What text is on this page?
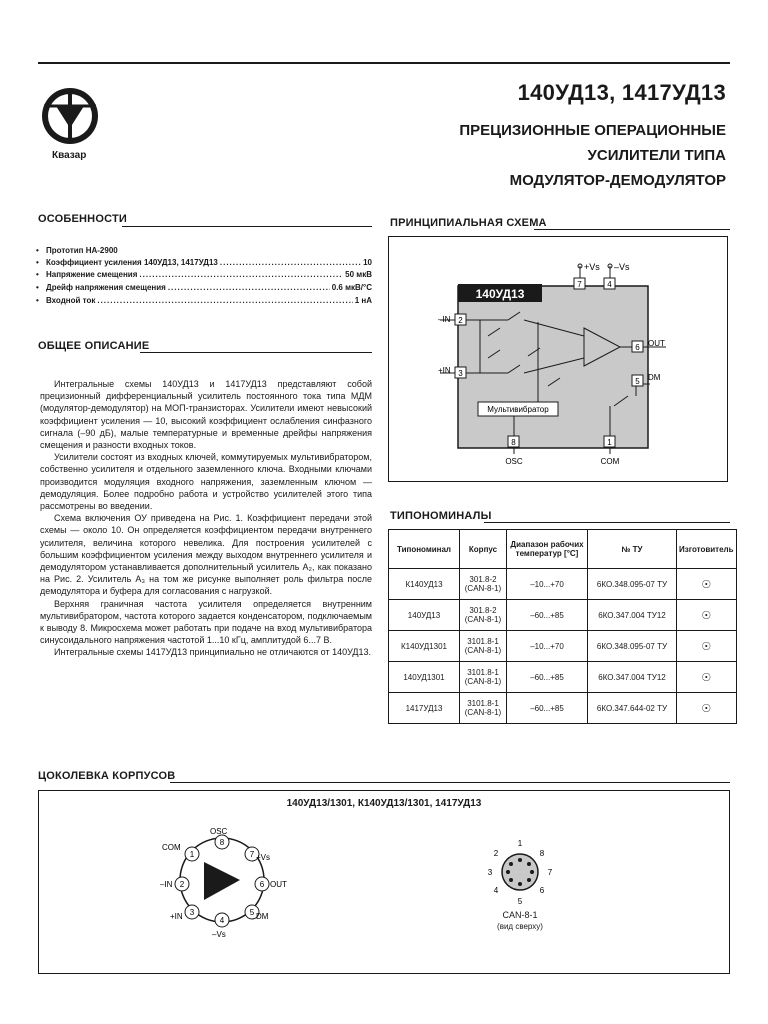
Квазар
140УД13, 1417УД13
ПРЕЦИЗИОННЫЕ ОПЕРАЦИОННЫЕ
УСИЛИТЕЛИ ТИПА
МОДУЛЯТОР-ДЕМОДУЛЯТОР
ОСОБЕННОСТИ
• Прототип НА-2900
• Коэффициент усиления 140УД13, 1417УД13 .....	10
• Напряжение смещения .....	50 мкВ
• Дрейф напряжения смещения .....	0.6 мкВ/°С
• Входной ток .....	1 нА
ОБЩЕЕ ОПИСАНИЕ

Интегральные схемы 140УД13 и 1417УД13 представляют собой прецизионный дифференциальный усилитель постоянного тока типа МДМ (модулятор-демодулятор) на МОП-транзисторах. Усилители имеют невысокий коэффициент усиления — 10, высокий коэффициент ослабления синфазного сигнала (–90 дБ), малые температурные и временные дрейфы напряжения смещения и разности входных токов.

Усилители состоят из входных ключей, коммутируемых мультивибратором, собственно усилителя и отдельного заземленного ключа. Входными ключами производится модуляция входного напряжения, заземленным ключом — демодуляция. Более подробно работа и устройство усилителей этого типа рассмотрены во введении.

Схема включения ОУ приведена на Рис. 1. Коэффициент передачи этой схемы — около 10. Он определяется коэффициентом передачи внутреннего усилителя, величина которого невелика. Для построения усилителей с большим коэффициентом усиления между выходом внутреннего усилителя и демодулятором устанавливается дополнительный усилитель A₂, как показано на Рис. 2. Усилитель A₃ на том же рисунке выполняет роль фильтра после демодулятора и буфера для согласования с нагрузкой.

Верхняя граничная частота усилителя определяется внутренним мультивибратором, частота которого задается конденсатором, подключаемым к выводу 8. Микросхема может работать при подаче на вход мультивибратора синусоидального напряжения частотой 1...10 кГц, амплитудой 6...7 В.

Интегральные схемы 1417УД13 принципиально не отличаются от 140УД13.

ПРИНЦИПИАЛЬНАЯ СХЕМА
140УД13
7	4
+Vs –Vs
2
3
–IN
+IN
6 OUT
5 DM
Мультивибратор
8	1
OSC	COM
ТИПОНОМИНАЛЫ
Типономинал	Корпус	Диапазон рабочих температур [°С]	№ ТУ	Изготовитель
К140УД13	301.8-2
(CAN-8-1)	–10...+70	6КО.348.095-07 ТУ	☉
140УД13	301.8-2
(CAN-8-1)	–60...+85	6КО.347.004 ТУ12	☉
К140УД1301	3101.8-1
(CAN-8-1)	–10...+70	6КО.348.095-07 ТУ	☉
140УД1301	3101.8-1
(CAN-8-1)	–60...+85	6КО.347.004 ТУ12	☉
1417УД13	3101.8-1
(CAN-8-1)	–60...+85	6КО.347.644-02 ТУ	☉
ЦОКОЛЕВКА КОРПУСОВ
140УД13/1301, К140УД13/1301, 1417УД13
1
8
7
2	6
3
4
5
COM
OSC
+Vs
–IN	OUT
+IN	DM
–Vs
1
2
3
4
5
6
7
8
CAN-8-1
(вид сверху)
